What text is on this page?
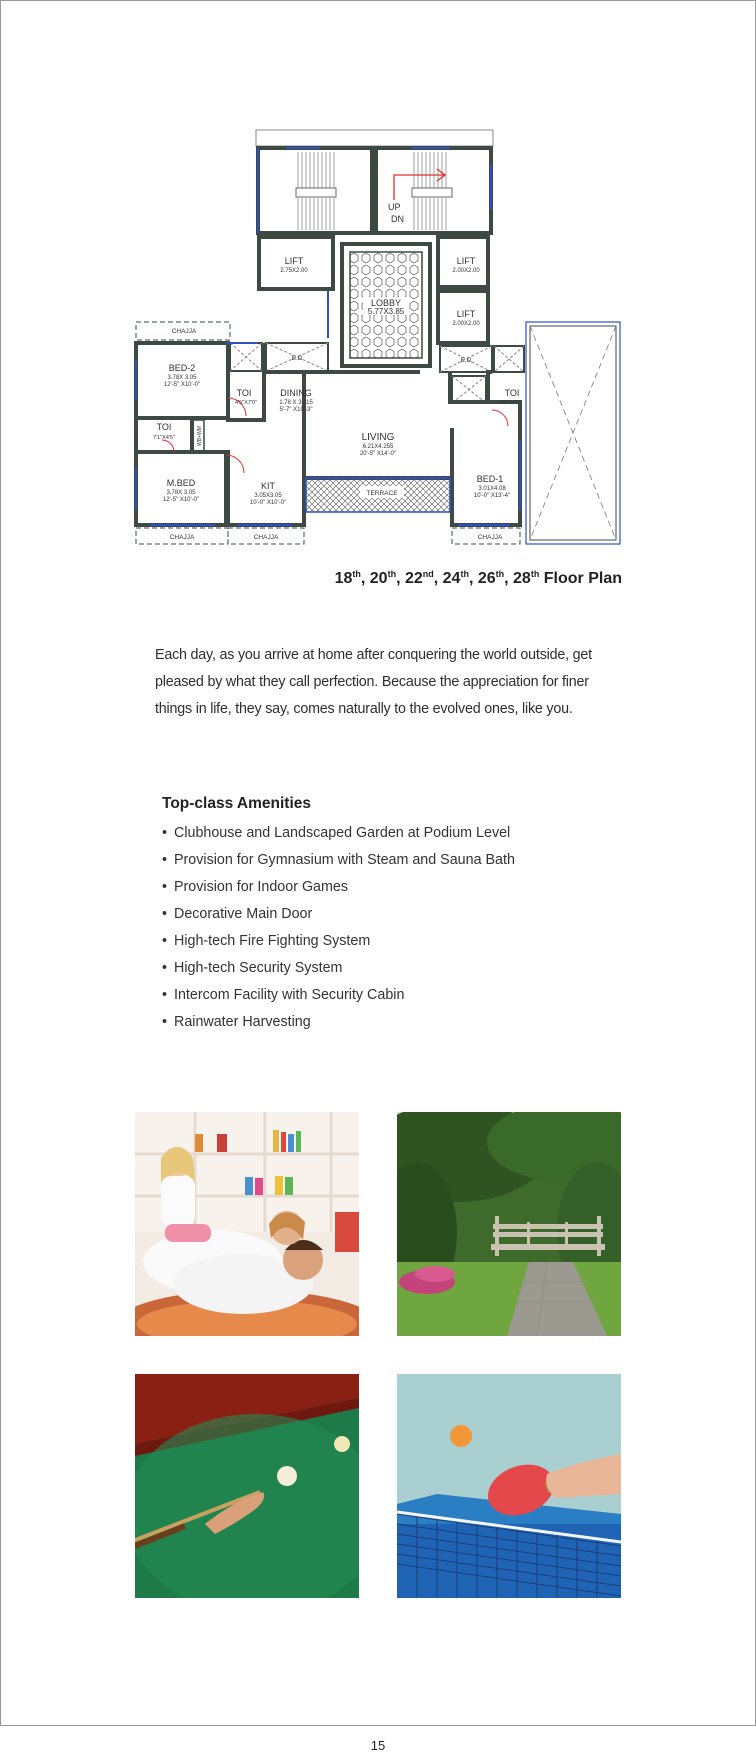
UP
DN
LIFT
2.75X2.00
LIFT
2.00X2.00
LIFT
2.00X2.00
LOBBY
5.77X3.85
CHAJJA
E.D	E.D
TERRACE
BED-2
3.78X 3.05
12'-5" X10'-0"
TOI
4'5"X7'0"
DINING
1.78 X 3.115
5'-7" X10'-3"
TOI
4'5"X7'0"
TOI
7'1"X4'5"	WB+WM	LIVING
6.21X4.255
20'-5" X14'-0"
M.BED
3.78X 3.05
12'-5" X10'-0"
KIT
3.05X3.05
10'-0" X10'-0"
BED-1
3.01X4.08
10'-0" X13'-4"
CHAJJA	CHAJJA	CHAJJA
18th, 20th, 22nd, 24th, 26th, 28th Floor Plan

Each day, as you arrive at home after conquering the world outside, get pleased by what they call perfection. Because the appreciation for finer things in life, they say, comes naturally to the evolved ones, like you.

Top-class Amenities
• Clubhouse and Landscaped Garden at Podium Level
• Provision for Gymnasium with Steam and Sauna Bath
• Provision for Indoor Games
• Decorative Main Door
• High-tech Fire Fighting System
• High-tech Security System
• Intercom Facility with Security Cabin
• Rainwater Harvesting
15
